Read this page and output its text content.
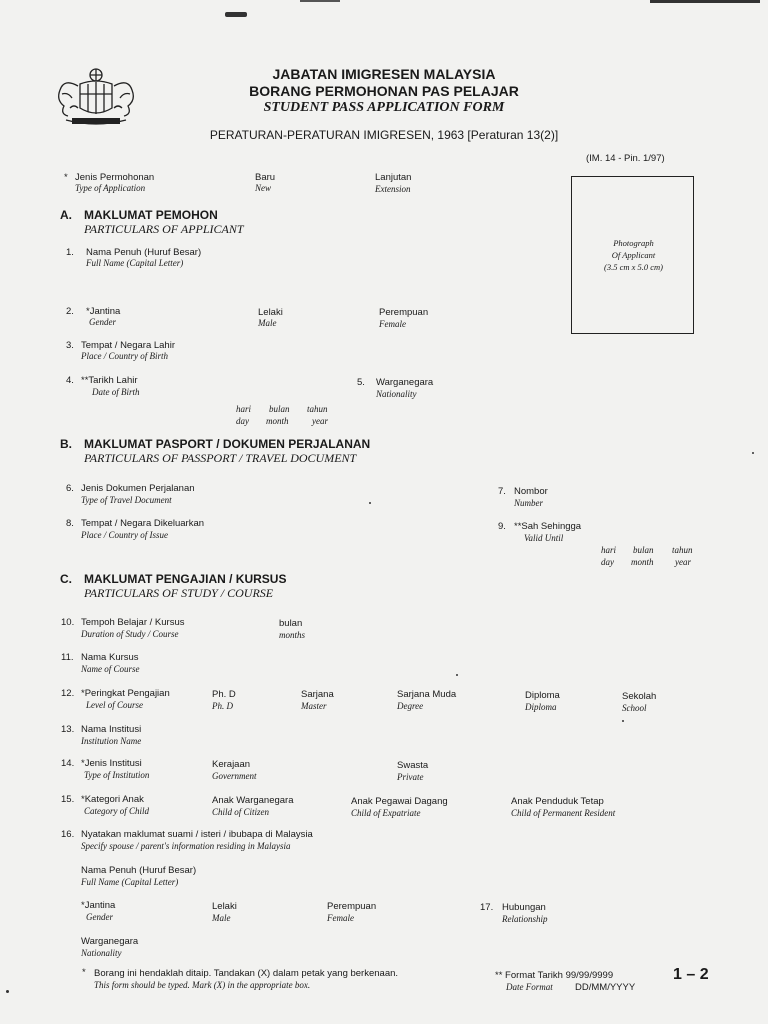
JABATAN IMIGRESEN MALAYSIA
BORANG PERMOHONAN PAS PELAJAR
STUDENT PASS APPLICATION FORM
PERATURAN-PERATURAN IMIGRESEN, 1963 [Peraturan 13(2)]
(IM. 14 - Pin. 1/97)
Photograph
Of Applicant
(3.5 cm x 5.0 cm)
* Jenis Permohonan
Type of Application
Baru
New
Lanjutan
Extension
A. MAKLUMAT PEMOHON
PARTICULARS OF APPLICANT
1. Nama Penuh (Huruf Besar)
Full Name (Capital Letter)
2. *Jantina
Gender
Lelaki
Male
Perempuan
Female
3. Tempat / Negara Lahir
Place / Country of Birth
4. **Tarikh Lahir
Date of Birth
hari
day
bulan
month
tahun
year
5. Warganegara
Nationality
B. MAKLUMAT PASPORT / DOKUMEN PERJALANAN
PARTICULARS OF PASSPORT / TRAVEL DOCUMENT
6. Jenis Dokumen Perjalanan
Type of Travel Document
7. Nombor
Number
8. Tempat / Negara Dikeluarkan
Place / Country of Issue
9. **Sah Sehingga
Valid Until
hari
day
bulan
month
tahun
year
C. MAKLUMAT PENGAJIAN / KURSUS
PARTICULARS OF STUDY / COURSE
10. Tempoh Belajar / Kursus
Duration of Study / Course
bulan
months
11. Nama Kursus
Name of Course
12. *Peringkat Pengajian
Level of Course
Ph. D
Ph. D
Sarjana
Master
Sarjana Muda
Degree
Diploma
Diploma
Sekolah
School
13. Nama Institusi
Institution Name
14. *Jenis Institusi
Type of Institution
Kerajaan
Government
Swasta
Private
15. *Kategori Anak
Category of Child
Anak Warganegara
Child of Citizen
Anak Pegawai Dagang
Child of Expatriate
Anak Penduduk Tetap
Child of Permanent Resident
16. Nyatakan maklumat suami / isteri / ibubapa di Malaysia
Specify spouse / parent's information residing in Malaysia
Nama Penuh (Huruf Besar)
Full Name (Capital Letter)
*Jantina
Gender
Lelaki
Male
Perempuan
Female
Warganegara
Nationality
17. Hubungan
Relationship
* Borang ini hendaklah ditaip. Tandakan (X) dalam petak yang berkenaan.
This form should be typed. Mark (X) in the appropriate box.
** Format Tarikh 99/99/9999
Date Format DD/MM/YYYY
1 – 2
